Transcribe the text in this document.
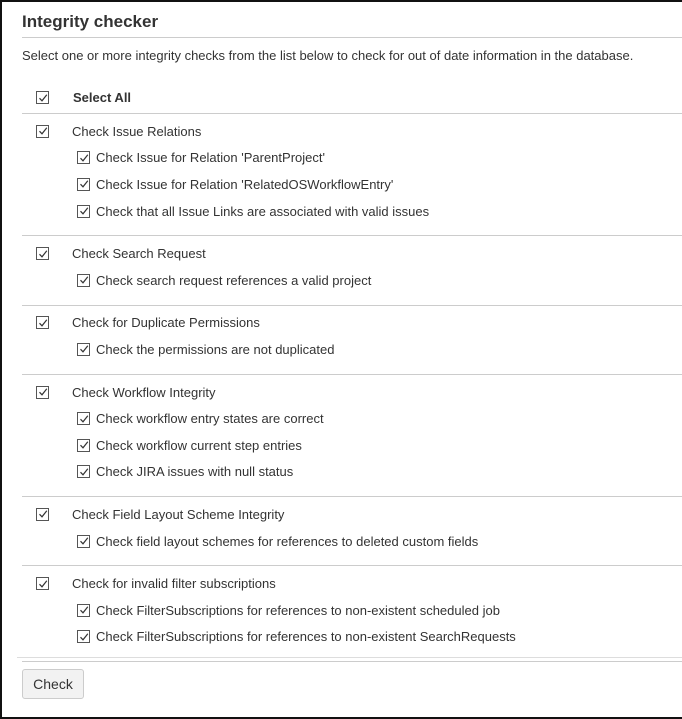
Integrity checker

Select one or more integrity checks from the list below to check for out of date information in the database.

Select All
Check Issue Relations
Check Issue for Relation 'ParentProject'
Check Issue for Relation 'RelatedOSWorkflowEntry'
Check that all Issue Links are associated with valid issues
Check Search Request
Check search request references a valid project
Check for Duplicate Permissions
Check the permissions are not duplicated
Check Workflow Integrity
Check workflow entry states are correct
Check workflow current step entries
Check JIRA issues with null status
Check Field Layout Scheme Integrity
Check field layout schemes for references to deleted custom fields
Check for invalid filter subscriptions
Check FilterSubscriptions for references to non-existent scheduled job
Check FilterSubscriptions for references to non-existent SearchRequests
Check
